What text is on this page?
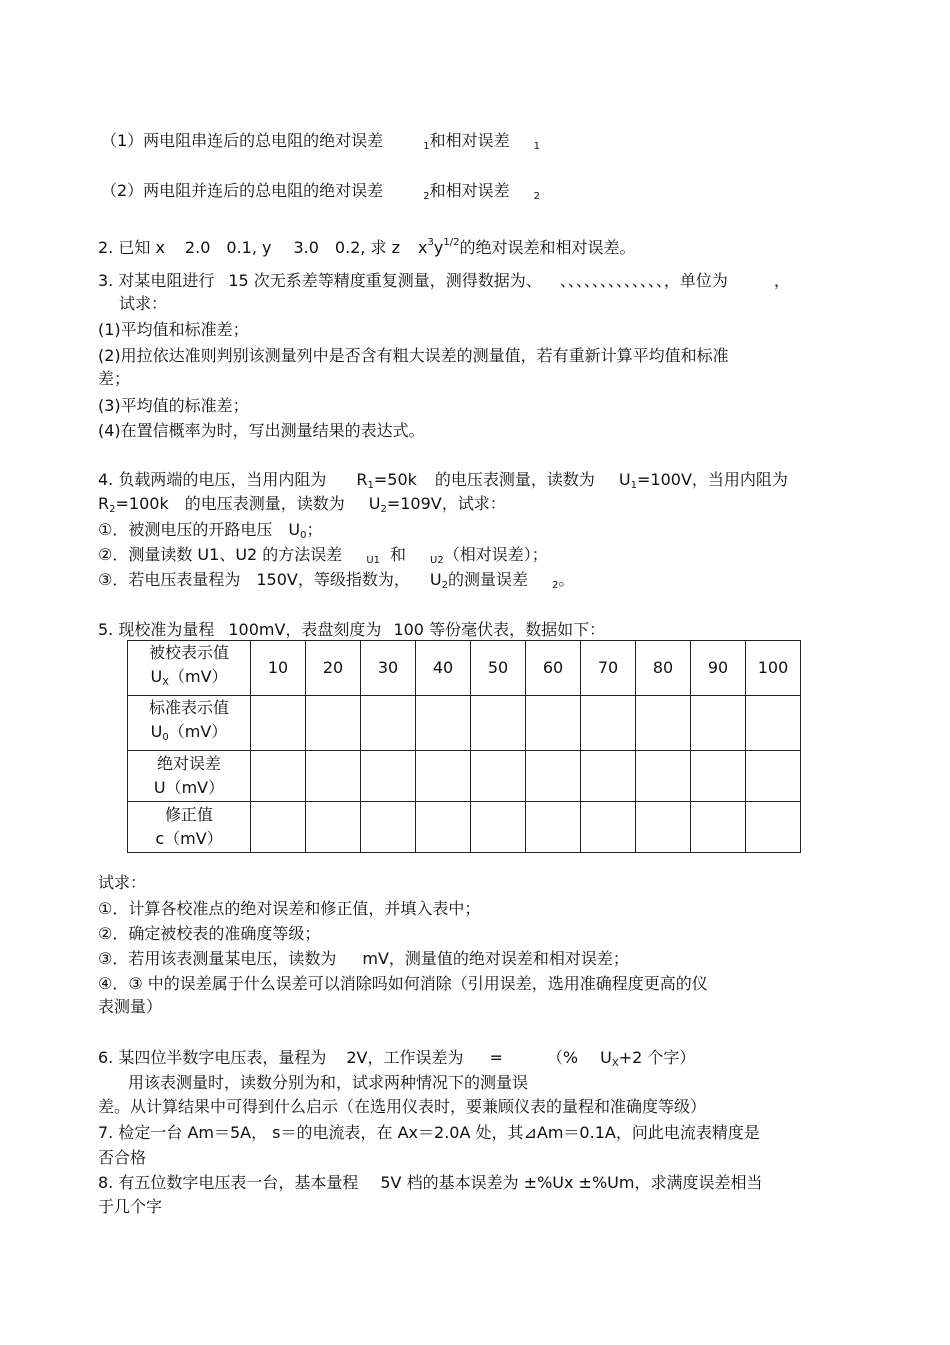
（1）两电阻串连后的总电阻的绝对误差	$_1$和相对误差 $_1$
（2）两电阻并连后的总电阻的绝对误差	$_2$和相对误差 $_2$
2. 已知 x 2.0 0.1, y 3.0 0.2, 求 z $x^3y^{1/2}$的绝对误差和相对误差。
3. 对某电阻进行 15 次无系差等精度重复测量，测得数据为、 、、、、、、、、、、、、、，单位为	，
试求：
(1)平均值和标准差；
(2)用拉依达准则判别该测量列中是否含有粗大误差的测量值，若有重新计算平均值和标准
差；
(3)平均值的标准差；
(4)在置信概率为时，写出测量结果的表达式。
4. 负载两端的电压，当用内阻为 $R_1=50k$ 的电压表测量，读数为 $U_1=100V$，当用内阻为
$R_2=100k$ 的电压表测量，读数为 $U_2=109V$，试求：
①．被测电压的开路电压 $U_0$；
②．测量读数 U1、U2 的方法误差 $_{U1}$ 和 $_{U2}$（相对误差）；
③．若电压表量程为 150V，等级指数为， $U_2$的测量误差 $_2$。
5. 现校准为量程 100mV，表盘刻度为 100 等份毫伏表，数据如下：
被校表示值
$U_X(mV)$	10	20	30	40	50	60	70	80	90	100

标准表示值
$U_0(mV)$										

绝对误差
U（mV）										

修正值
c（mV）										

试求：
①．计算各校准点的绝对误差和修正值，并填入表中；
②．确定被校表的准确度等级；
③．若用该表测量某电压，读数为 mV，测量值的绝对误差和相对误差；
④．③ 中的误差属于什么误差可以消除吗如何消除（引用误差，选用准确程度更高的仪
表测量）
6. 某四位半数字电压表，量程为 2V，工作误差为 =	（% $U_X+2$ 个字）
用该表测量时，读数分别为和，试求两种情况下的测量误
差。从计算结果中可得到什么启示（在选用仪表时，要兼顾仪表的量程和准确度等级）
7. 检定一台 Am＝5A， s＝的电流表，在 Ax＝2.0A 处，其⊿Am＝0.1A，问此电流表精度是
否合格
8. 有五位数字电压表一台，基本量程 5V 档的基本误差为 ±%Ux ±%Um，求满度误差相当
于几个字
